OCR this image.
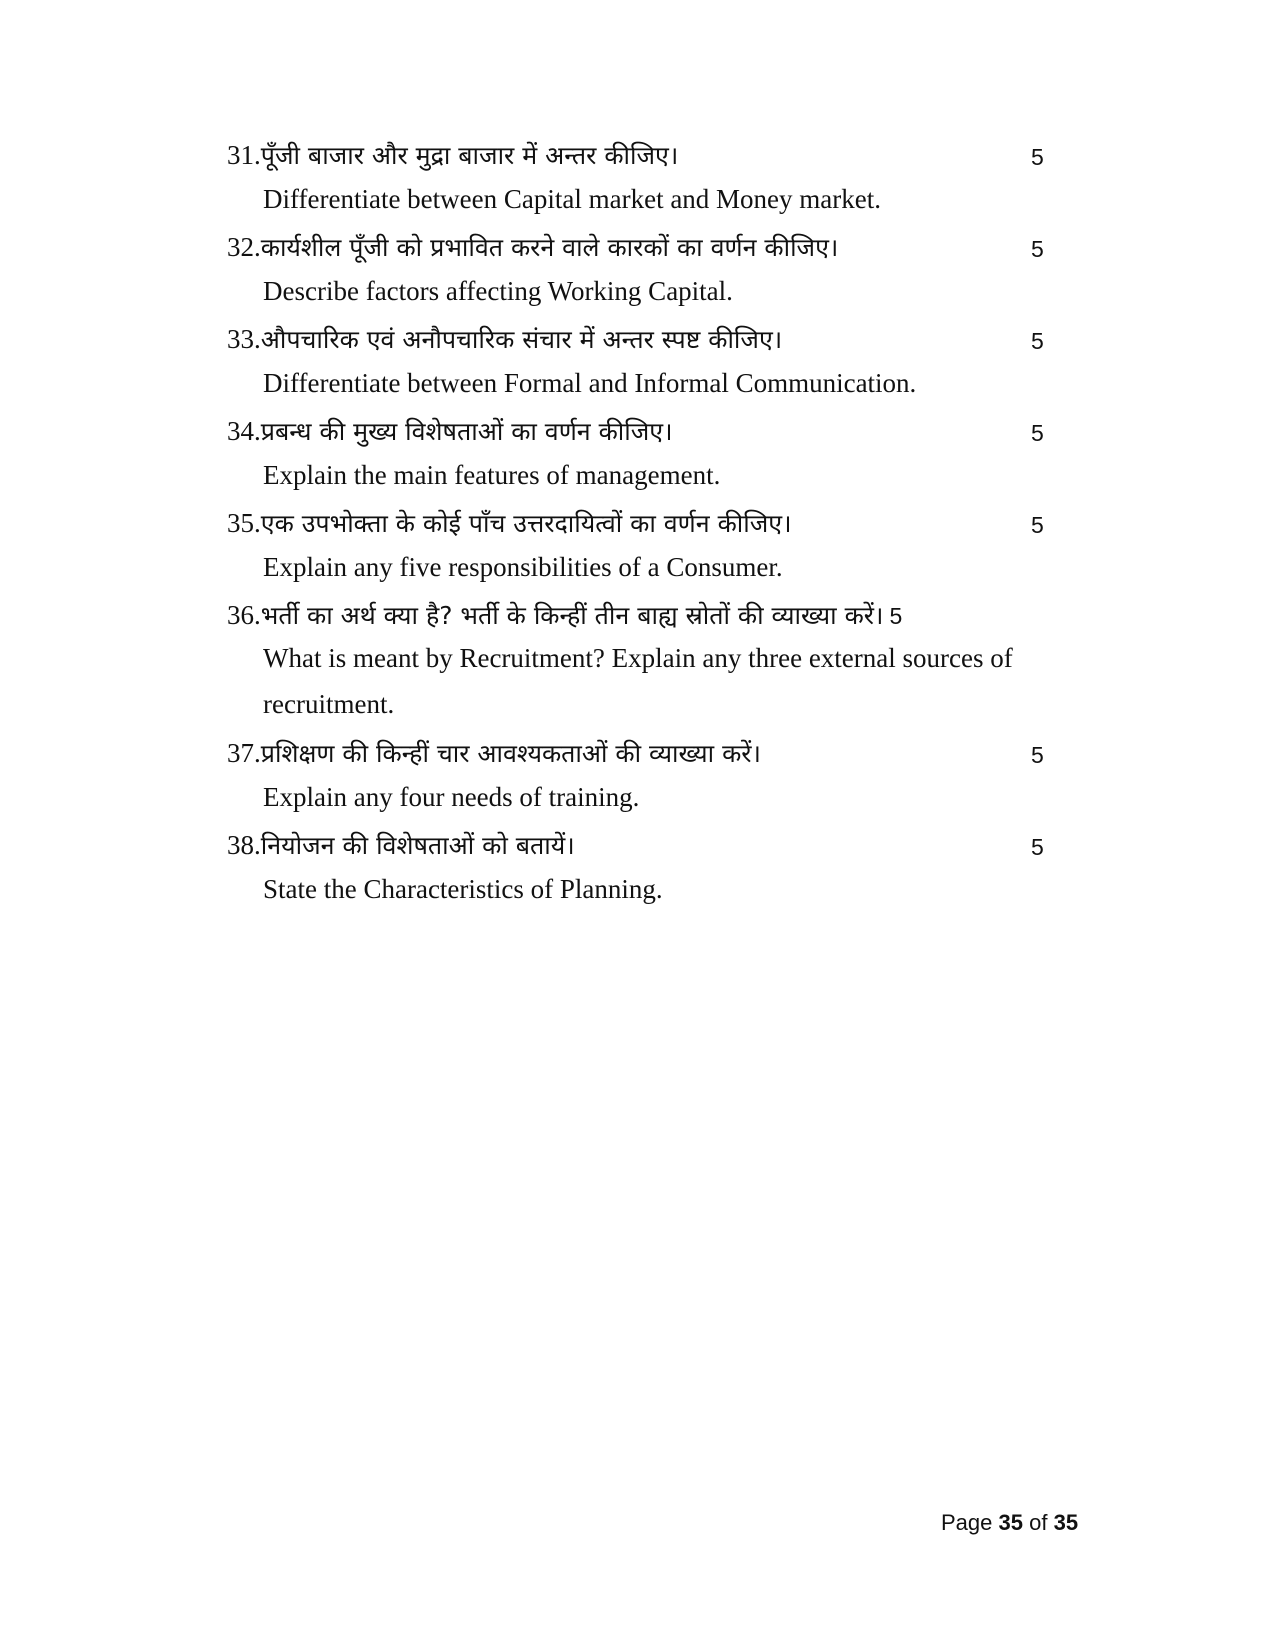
31.पूँजी बाजार और मुद्रा बाजार में अन्तर कीजिए।	5
Differentiate between Capital market and Money market.
32.कार्यशील पूँजी को प्रभावित करने वाले कारकों का वर्णन कीजिए।	5
Describe factors affecting Working Capital.
33.औपचारिक एवं अनौपचारिक संचार में अन्तर स्पष्ट कीजिए।	5
Differentiate between Formal and Informal Communication.
34.प्रबन्ध की मुख्य विशेषताओं का वर्णन कीजिए।	5
Explain the main features of management.
35.एक उपभोक्ता के कोई पाँच उत्तरदायित्वों का वर्णन कीजिए।	5
Explain any five responsibilities of a Consumer.
36.भर्ती का अर्थ क्या है? भर्ती के किन्हीं तीन बाह्य स्रोतों की व्याख्या करें। 5
What is meant by Recruitment? Explain any three external sources of recruitment.
37.प्रशिक्षण की किन्हीं चार आवश्यकताओं की व्याख्या करें।	5
Explain any four needs of training.
38.नियोजन की विशेषताओं को बतायें।	5
State the Characteristics of Planning.
Page 35 of 35
